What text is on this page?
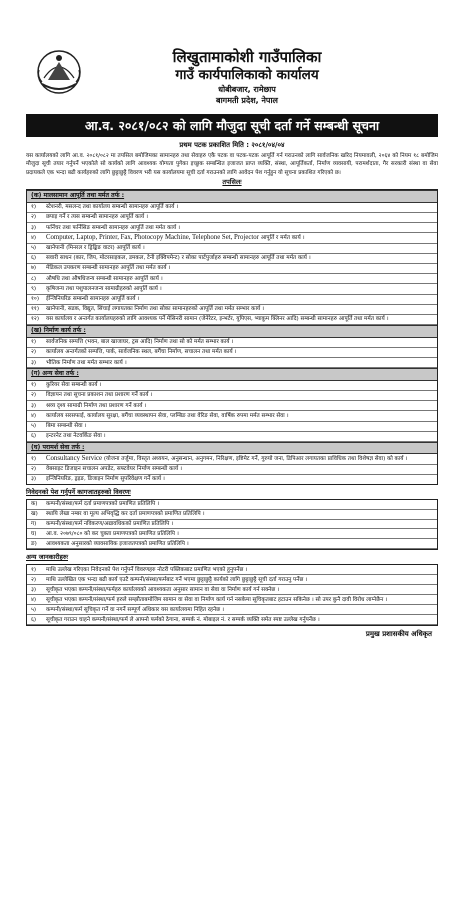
लिखुतामाकोशी गाउँपालिका
गाउँ कार्यपालिकाको कार्यालय
धोबीबजार, रामेछाप
बागमती प्रदेश, नेपाल
आ.व. २०८१/०८२ को लागि मौजुदा सूची दर्ता गर्ने सम्बन्धी सूचना
प्रथम पटक प्रकाशित मिति : २०८१/०४/०४
यस कार्यालयको लागि आ.व. २०८१/०८२ मा तपसिल बमोजिमका सामानहरु तथा सेवाहरु एकै पटक वा पटक-पटक आपूर्ति गर्न गराउनको लागि सार्वजनिक खरिद नियमावली, २०६४ को नियम १८ बमोजिम मौजुदा सूची तयार गर्नुपर्ने भएकोले सो कार्यको लागि आवश्यक योग्यता पुगेका इच्छुक सम्बन्धित इजाजत प्राप्त व्यक्ति, संस्था, आपूर्तिकर्ता, निर्माण व्यवसायी, परामर्शदाता, गैर सरकारी संस्था वा सेवा प्रदायकले एक भन्दा बढी कार्यहरुको लागि छुट्टाछुट्टै विवरण भरी यस कार्यालयमा सूची दर्ता गराउनको लागि आवेदन पेश गर्नुहुन यो सूचना प्रकाशित गरिएको छ।
तपसिलः
(क) मालसामान आपूर्ति तथा मर्मत तर्फ :
१)	स्टेशनरी, मसलन्द तथा कार्यालय सम्बन्धी सामानहरु आपूर्ति कार्य ।
२)	छपाइ गर्ने र त्यस सम्बन्धी सामानहरु आपूर्ति कार्य ।
३)	फर्निचर तथा फर्निसिङ सम्बन्धी सामानहरु आपूर्ति तथा मर्मत कार्य ।
४)	Computer, Laptop, Printer, Fax, Photocopy Machine, Telephone Set, Projector आपूर्ति र मर्मत कार्य ।
५)	खानेपानी (मिनरल र ड्रिङ्किङ वाटर) आपूर्ति कार्य ।
६)	सवारी साधन (कार, जिप, मोटरसाइकल, डमकल, टेनी इक्विपमेन्ट) र सोका पार्टपुर्जाहरु सम्बन्धी सामानहरु आपूर्ति तथा मर्मत कार्य ।
७)	मेडिकल उपकरण सम्बन्धी सामानहरु आपूर्ति तथा मर्मत कार्य ।
८)	औषधि तथा औषधिजन्य सम्बन्धी सामानहरु आपूर्ति कार्य ।
९)	कृषिजन्य तथा पशुपालनजन्य सामाग्रीहरुको आपूर्ति कार्य ।
१०)	ईन्जिनियरिङ सम्बन्धी सामानहरु आपूर्ति कार्य ।
११)	खानेपानी, सडक, विद्युत, सिंचाई लगायतका निर्माण तथा सोका सामानहरुको आपूर्ति तथा मर्मत सम्भार कार्य ।
१२)	यस कार्यालय र अन्तर्गत कार्यालयहरुको लागि आवश्यक पर्ने मेसिनरी सामान (जेनेरेटर, इन्भर्टर, युपिएस, भ्याकुम क्लिनर आदि) सम्बन्धी सामानहरु आपूर्ति तथा मर्मत कार्य ।
(ख) निर्माण कार्य तर्फ :
१)	सार्वजनिक सम्पत्ति (भवन, बाल खाजाघर, ट्रस आदि) निर्माण तथा सो को मर्मत सम्भार कार्य ।
२)	कार्यालय अन्तर्गतको सम्पत्ति, पार्क, सार्वजनिक स्थल, बगैंचा निर्माण, सचालन तथा मर्मत कार्य ।
३)	भौतिक निर्माण तथा मर्मत सम्भार कार्य ।
(ग) अन्य सेवा तर्फ :
१)	कुरियर सेवा सम्बन्धी कार्य ।
२)	विज्ञापन तथा सूचना प्रकाशन तथा प्रशारण गर्ने कार्य ।
३)	श्रव्य दृश्य सामाग्री निर्माण तथा प्रशारण गर्ने कार्य ।
४)	कार्यालय सरसफाई, कार्यालय सुरक्षा, बगैंचा व्यवस्थापन सेवा, प्लम्बिङ तथा वेरिङ सेवा, वार्षिक रुपमा मर्मत सम्भार सेवा ।
५)	बिमा सम्बन्धी सेवा ।
६)	इन्टरनेट तथा नेटवर्किङ सेवा ।
(घ) परामर्श सेवा तर्फ :
१)	Consultancy Service (योजना तर्जुमा, विस्तृत अध्ययन, अनुसन्धान, अनुगमन, निरिक्षण, इष्टिमेट गर्ने, गुरुयो जना, डिपिआर लगायतका प्राविधिक तथा विशेषज्ञ सेवा) को कार्य ।
२)	वेबसाइट डिजाइन सचालन अपडेट, सफ्टवेयर निर्माण सम्बन्धी कार्य ।
३)	इन्जिनियरिङ, ड्रइङ, डिजाइन निर्माण सुपरिवेक्षण गर्ने कार्य ।
निवेदनको पेश गर्नुपर्ने कागजातहरुको विवरणः
क)	कम्पनी/संस्था/फर्म दर्ता प्रमाणपत्रको प्रमाणित प्रतिलिपि ।
ख)	स्थायि लेखा नम्बर वा मूल्य अभिवृद्धि कर दर्ता प्रमाणपत्रको प्रमाणित प्रतिलिपि ।
ग)	कम्पनी/संस्था/फर्म नविकरण/अद्यावधिकको प्रमाणित प्रतिलिपि ।
घ)	आ.व. २०७९/०८० को कर चुक्ता प्रमाणपत्रको प्रमाणित प्रतिलिपि ।
ङ)	आवश्यकता अनुसारको व्यावसायिक इजाजतपत्रको प्रमाणित प्रतिलिपि ।
अन्य जानकारीहरुः
१)	माथि उल्लेख गरिएका निवेदनको पेश गर्नुपर्ने विवरणहरु नोटरी पब्लिकबाट प्रमाणित भएको हुनुपर्नेछ ।
२)	माथि उल्लेखित एक भन्दा बढी कार्य एउटै कम्पनी/संस्था/फर्मबाट गर्ने भएमा छुट्टाछुट्टै कार्यको लागि छुट्टाछुट्टै सूची दर्ता गराउनु पर्नेछ ।
३)	सूचीकृत भएका कम्पनी/संस्था/फर्महरु कार्यालयको आवश्यकता अनुसार सामान वा सेवा वा निर्माण कार्य गर्न सक्नेछ ।
४)	सूचीकृत भएका कम्पनी/संस्था/फर्म हरुले सम्झौताबमोजिम सामान वा सेवा वा निर्माण कार्य गर्न नसकेमा सूचिकृतबाट हटाउन सकिनेछ । सो उपर कुनै दावी विरोध लाग्नेछैन ।
५)	कम्पनी/संस्था/फर्म सूचिकृत गर्ने वा नगर्ने सम्पूर्ण अधिकार यस कार्यालयमा निहित रहनेछ ।
६)	सूचीकृत गराउन चाहने कम्पनी/संस्था/फर्म ले आफ्नो फर्मको ठेगाना, सम्पर्क नं. मोबाइल नं. र सम्पर्क व्यक्ति समेत स्पष्ट उल्लेख गर्नुपर्नेछ ।
प्रमुख प्रशासकीय अधिकृत
